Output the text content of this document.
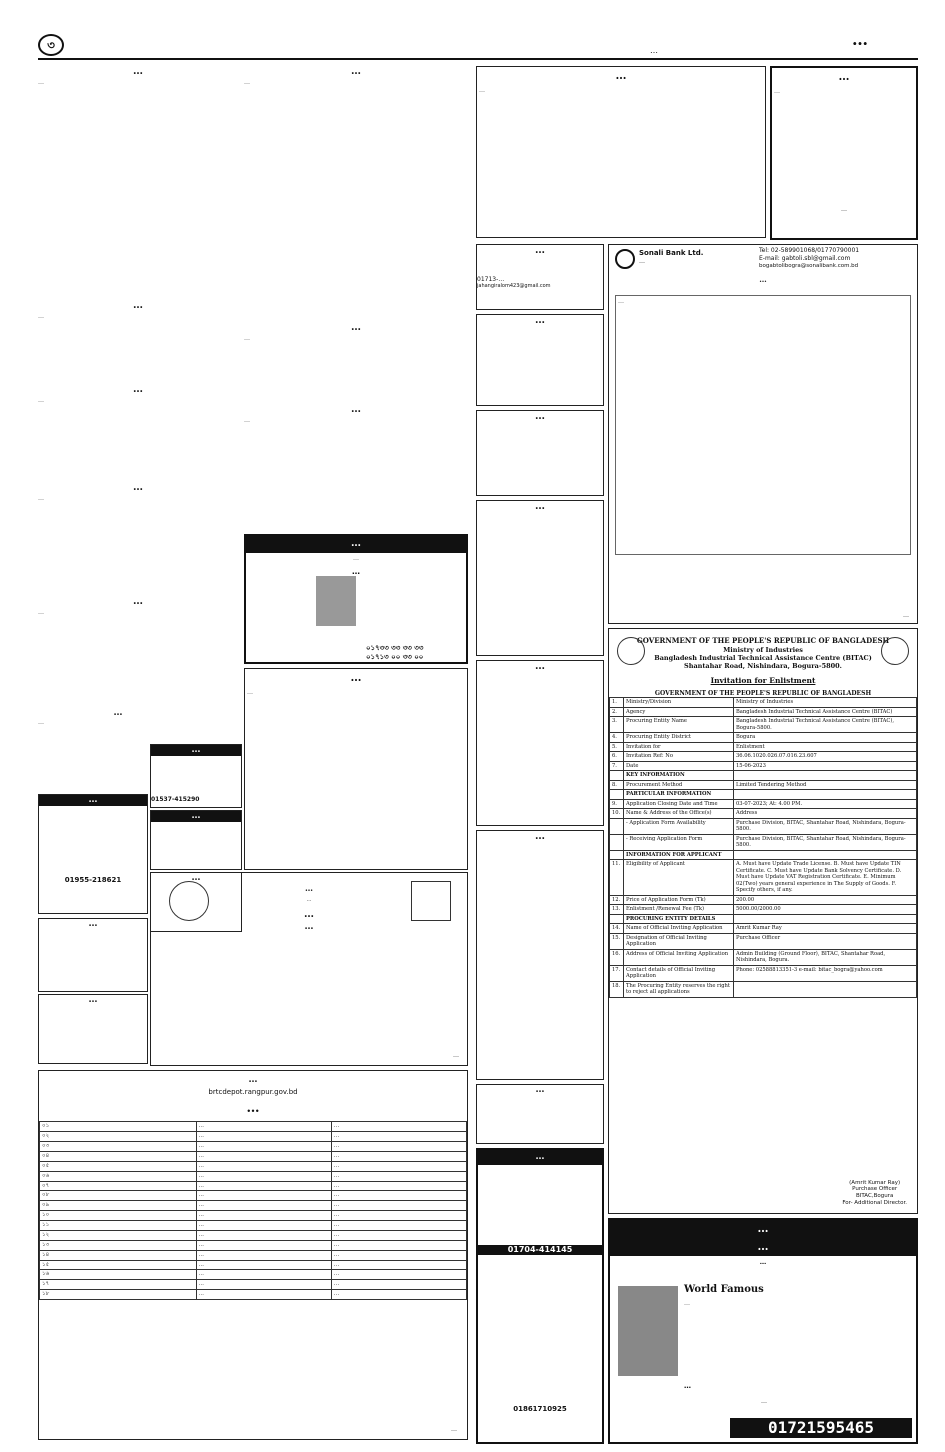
৩	…
…
…
…
…
…
…
…
…
…
…
…
…
…
…
…
…
…
…
…
…
…
…
০১৭৩৩ ৩৩ ৩৩ ৩৩
০১৭১৩ ০০ ৩৩ ০০
…
…
…
01537-415290
…
…
01955-218621
…
…
…
…
…
…
…
…
…
brtcdepot.rangpur.gov.bd
…
০১	…	…
০২	…	…
০৩	…	…
০৪	…	…
০৫	…	…
০৬	…	…
০৭	…	…
০৮	…	…
০৯	…	…
১০	…	…
১১	…	…
১২	…	…
১৩	…	…
১৪	…	…
১৫	…	…
১৬	…	…
১৭	…	…
১৮	…	…
…
…
…
…
…
…
…
01713-…
jahangiralom423@gmail.com
Sonali Bank Ltd.
…
Tel: 02-589901068/01770790001
E-mail: gabtoli.sbl@gmail.com
bogabtolibogra@sonalibank.com.bd
…
…
…
…
…
…
…
…
…
…
01704-414145
01861710925
GOVERNMENT OF THE PEOPLE'S REPUBLIC OF BANGLADESH
Ministry of Industries
Bangladesh Industrial Technical Assistance Centre (BITAC)
Shantahar Road, Nishindara, Bogura-5800.
Invitation for Enlistment
GOVERNMENT OF THE PEOPLE'S REPUBLIC OF BANGLADESH
1.	Ministry/Division	Ministry of Industries
2.	Agency	Bangladesh Industrial Technical Assistance Centre (BITAC)
3.	Procuring Entity Name	Bangladesh Industrial Technical Assistance Centre (BITAC), Bogura-5800.
4.	Procuring Entity District	Bogura
5.	Invitation for	Enlistment
6.	Invitation Ref: No	36.06.1020.026.07.016.23.607
7.	Date	15-06-2023
	KEY INFORMATION	
8.	Procurement Method	Limited Tendering Method
	PARTICULAR INFORMATION	
9.	Application Closing Date and Time	03-07-2023; At: 4.00 PM.
10.	Name & Address of the Office(s)	Address
	- Application Form Availability	Purchase Division, BITAC, Shantahar Road, Nishindara, Bogura-5800.
	- Receiving Application Form	Purchase Division, BITAC, Shantahar Road, Nishindara, Bogura-5800.
	INFORMATION FOR APPLICANT	
11.	Eligibility of Applicant	A. Must have Update Trade License. B. Must have Update TIN Certificate. C. Must have Update Bank Solvency Certificate. D. Must have Update VAT Registration Certificate. E. Minimum 02(Two) years general experience in The Supply of Goods. F. Specify others, if any.
12.	Price of Application Form (Tk)	200.00
13.	Enlistment /Renewal Fee (Tk)	5000.00/2000.00
	PROCURING ENTITY DETAILS	
14.	Name of Official Inviting Application	Amrit Kumar Ray
15.	Designation of Official Inviting Application	Purchase Officer
16.	Address of Official Inviting Application	Admin Building (Ground Floor), BITAC, Shantahar Road, Nishindara, Bogura.
17.	Contact details of Official Inviting Application	Phone: 02588813351-3 e-mail: bitac_bogra@yahoo.com
18.	The Procuring Entity reserves the right to reject all applications	
(Amrit Kumar Ray)
Purchase Officer
BITAC,Bogura
For- Additional Director.
…
…
…
World Famous
…
…
…
01721595465
